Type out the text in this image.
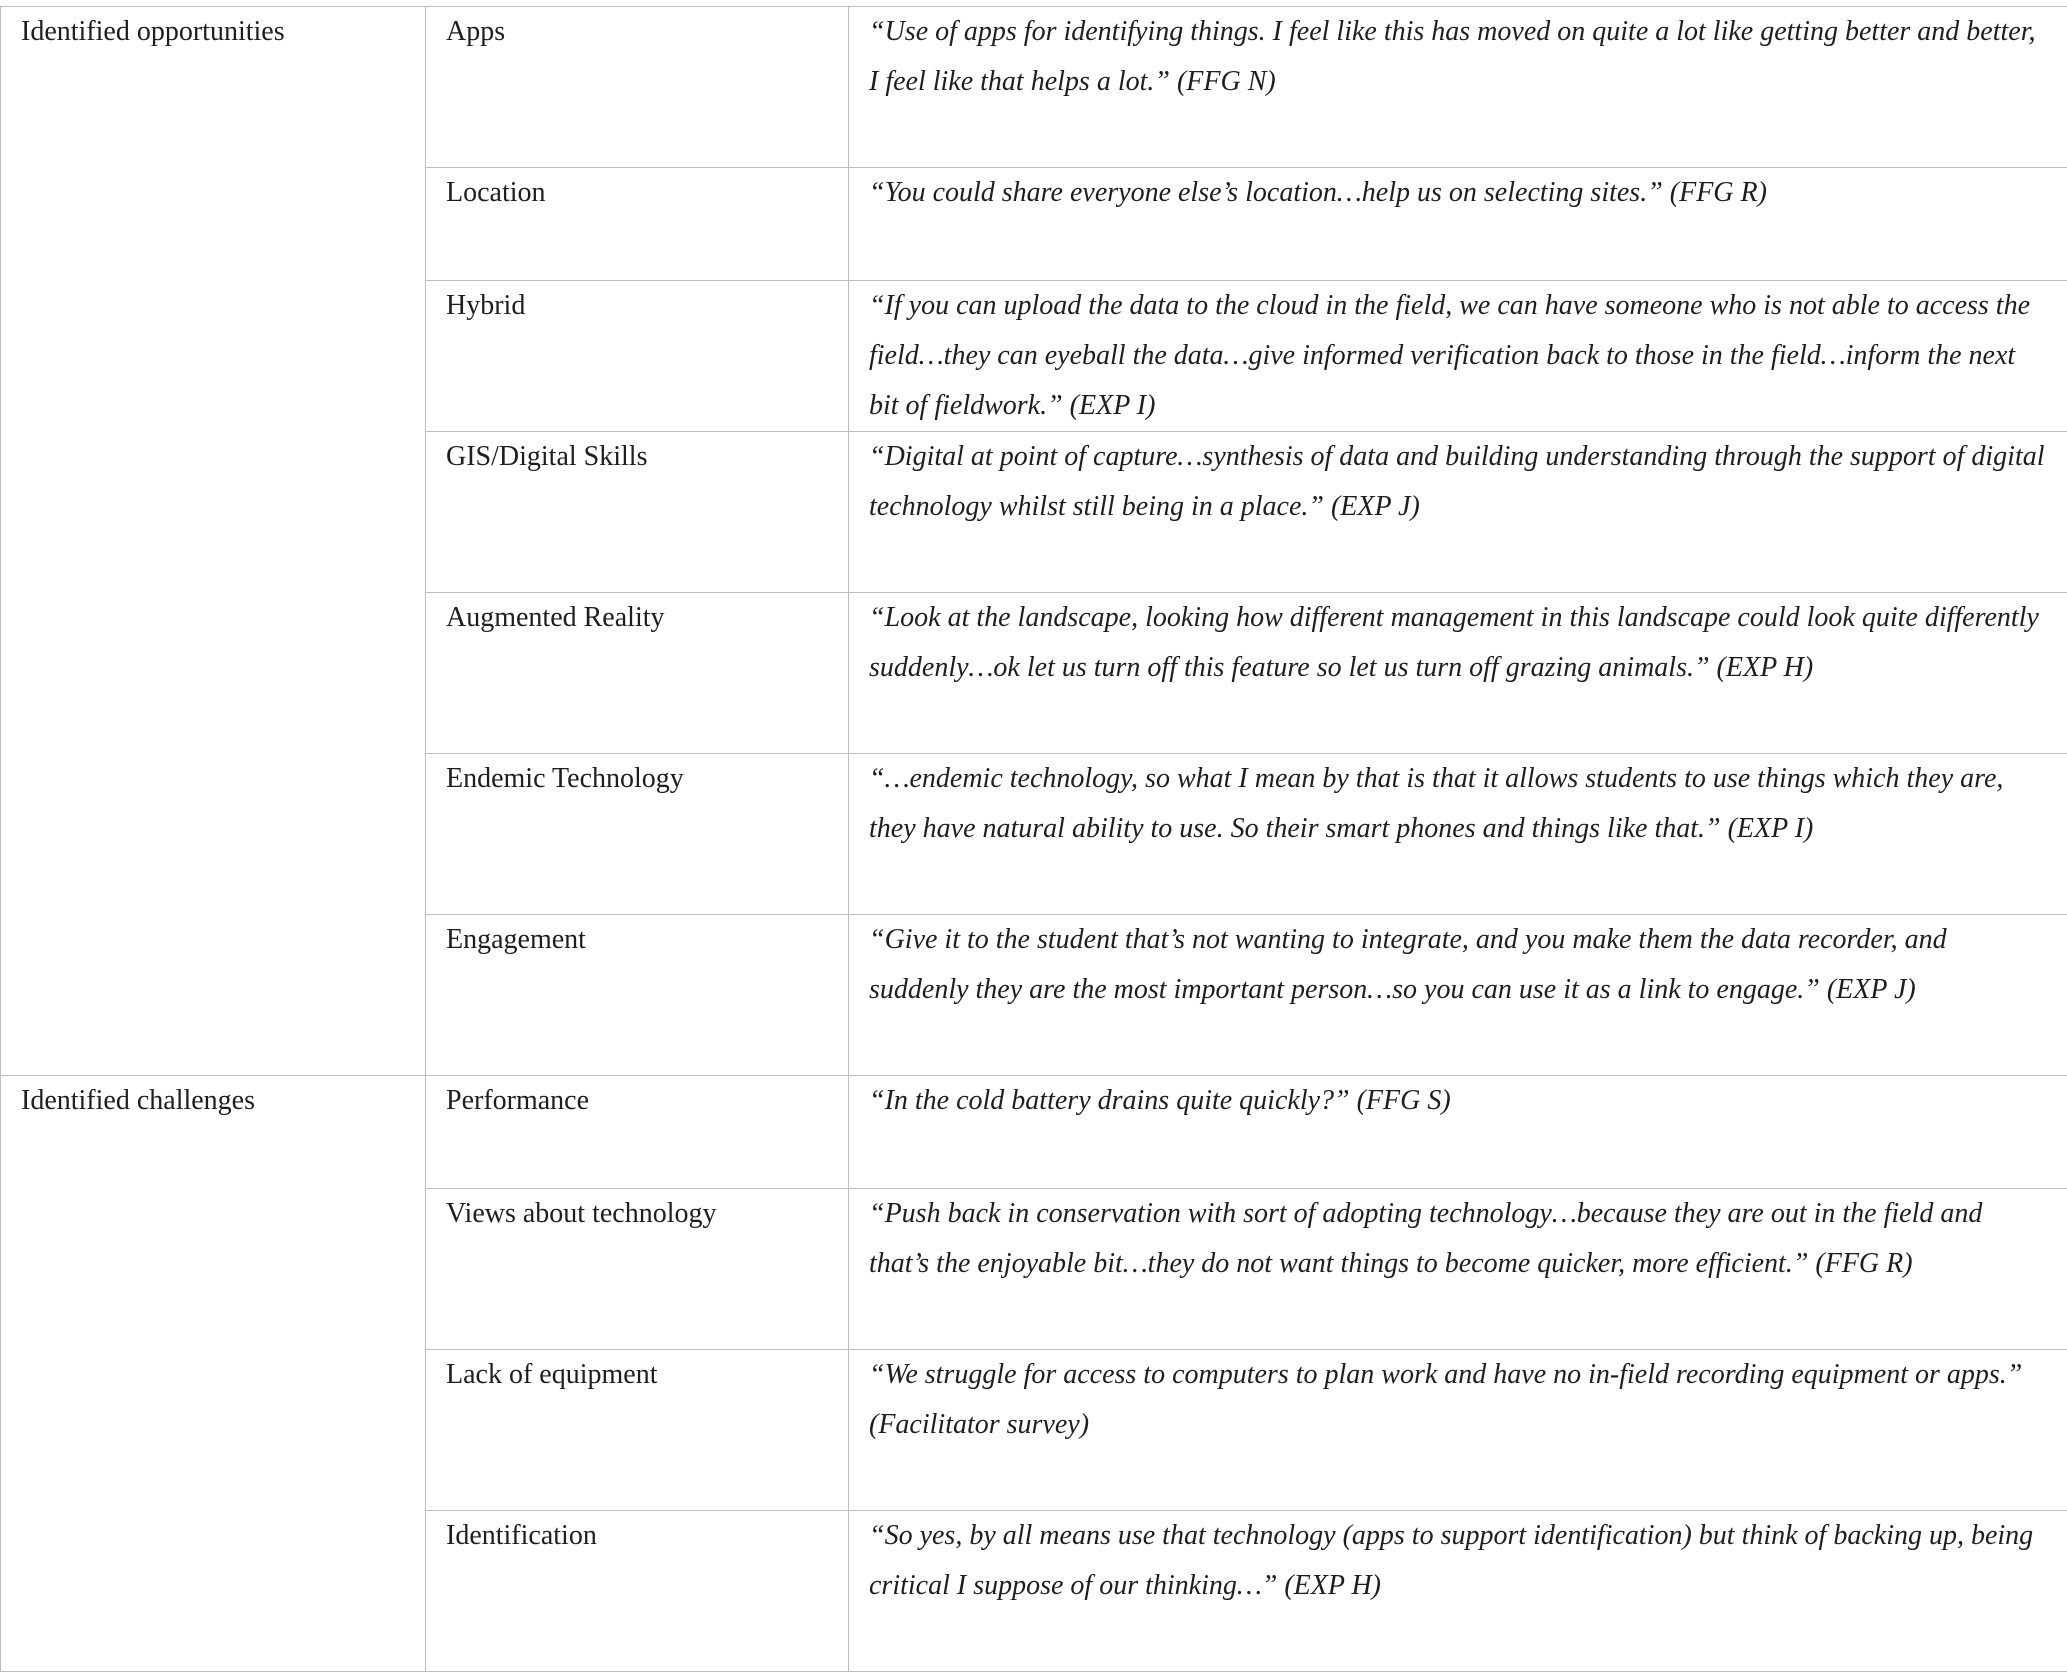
Identified opportunities	Apps	“Use of apps for identifying things. I feel like this has moved on quite a lot like getting better and better, I feel like that helps a lot.” (FFG N)
	Location	“You could share everyone else’s location…help us on selecting sites.” (FFG R)
	Hybrid	“If you can upload the data to the cloud in the field, we can have someone who is not able to access the field…they can eyeball the data…give informed verification back to those in the field…inform the next bit of fieldwork.” (EXP I)
	GIS/Digital Skills	“Digital at point of capture…synthesis of data and building understanding through the support of digital technology whilst still being in a place.” (EXP J)
	Augmented Reality	“Look at the landscape, looking how different management in this landscape could look quite differently suddenly…ok let us turn off this feature so let us turn off grazing animals.” (EXP H)
	Endemic Technology	“…endemic technology, so what I mean by that is that it allows students to use things which they are, they have natural ability to use. So their smart phones and things like that.” (EXP I)
	Engagement	“Give it to the student that’s not wanting to integrate, and you make them the data recorder, and suddenly they are the most important person…so you can use it as a link to engage.” (EXP J)
Identified challenges	Performance	“In the cold battery drains quite quickly?” (FFG S)
	Views about technology	“Push back in conservation with sort of adopting technology…because they are out in the field and that’s the enjoyable bit…they do not want things to become quicker, more efficient.” (FFG R)
	Lack of equipment	“We struggle for access to computers to plan work and have no in-field recording equipment or apps.” (Facilitator survey)
	Identification	“So yes, by all means use that technology (apps to support identification) but think of backing up, being critical I suppose of our thinking…” (EXP H)
